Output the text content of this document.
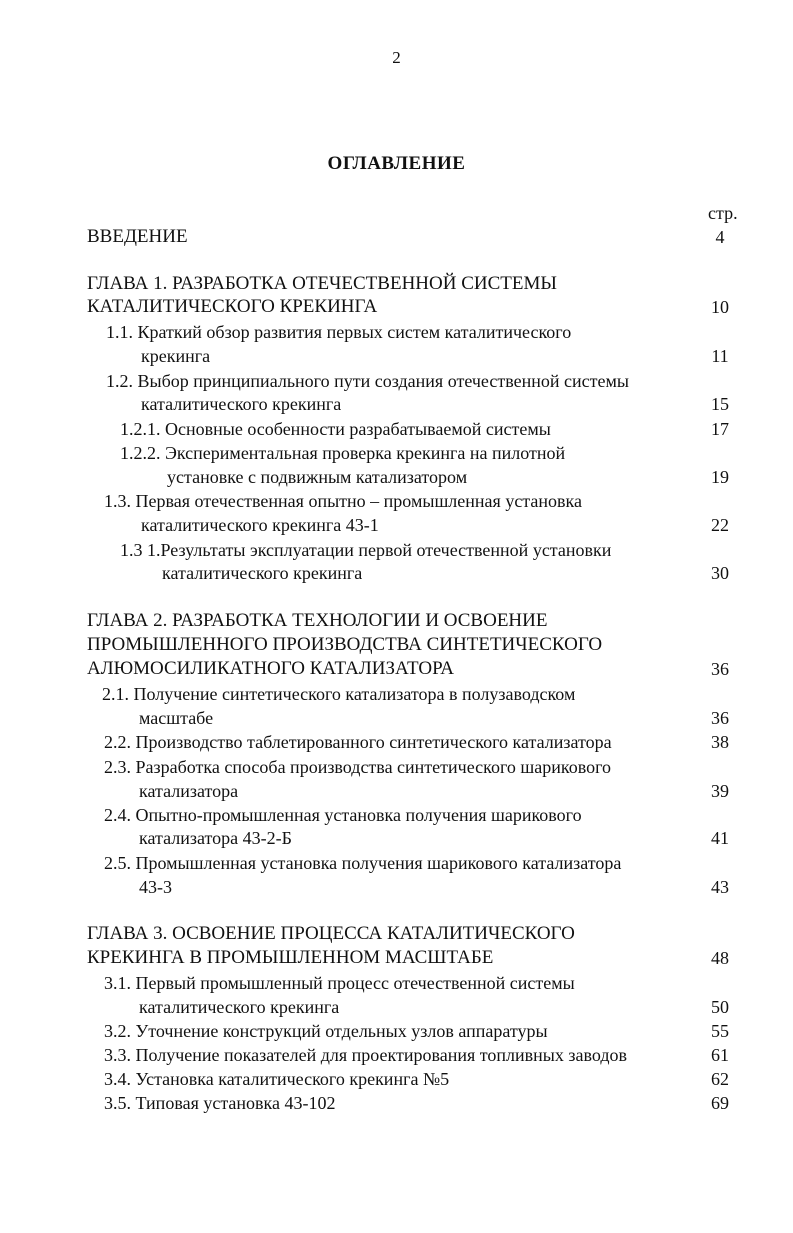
2
ОГЛАВЛЕНИЕ
стр.
ВВЕДЕНИЕ	4
ГЛАВА 1. РАЗРАБОТКА ОТЕЧЕСТВЕННОЙ СИСТЕМЫ
КАТАЛИТИЧЕСКОГО КРЕКИНГА	10
1.1. Краткий обзор развития первых систем каталитического
крекинга	11
1.2. Выбор принципиального пути создания отечественной системы
каталитического крекинга	15
1.2.1. Основные особенности разрабатываемой системы	17
1.2.2. Экспериментальная проверка крекинга на пилотной
установке с подвижным катализатором	19
1.3. Первая отечественная опытно – промышленная установка
каталитического крекинга 43-1	22
1.3 1.Результаты эксплуатации первой отечественной установки
каталитического крекинга	30
ГЛАВА 2. РАЗРАБОТКА ТЕХНОЛОГИИ И ОСВОЕНИЕ
ПРОМЫШЛЕННОГО ПРОИЗВОДСТВА СИНТЕТИЧЕСКОГО
АЛЮМОСИЛИКАТНОГО КАТАЛИЗАТОРА	36
2.1. Получение синтетического катализатора в полузаводском
масштабе	36
2.2. Производство таблетированного синтетического катализатора	38
2.3. Разработка способа производства синтетического шарикового
катализатора	39
2.4. Опытно-промышленная установка получения шарикового
катализатора 43-2-Б	41
2.5. Промышленная установка получения шарикового катализатора
43-3	43
ГЛАВА 3. ОСВОЕНИЕ ПРОЦЕССА КАТАЛИТИЧЕСКОГО
КРЕКИНГА В ПРОМЫШЛЕННОМ МАСШТАБЕ	48
3.1. Первый промышленный процесс отечественной системы
каталитического крекинга	50
3.2. Уточнение конструкций отдельных узлов аппаратуры	55
3.3. Получение показателей для проектирования топливных заводов	61
3.4. Установка каталитического крекинга №5	62
3.5. Типовая установка 43-102	69
